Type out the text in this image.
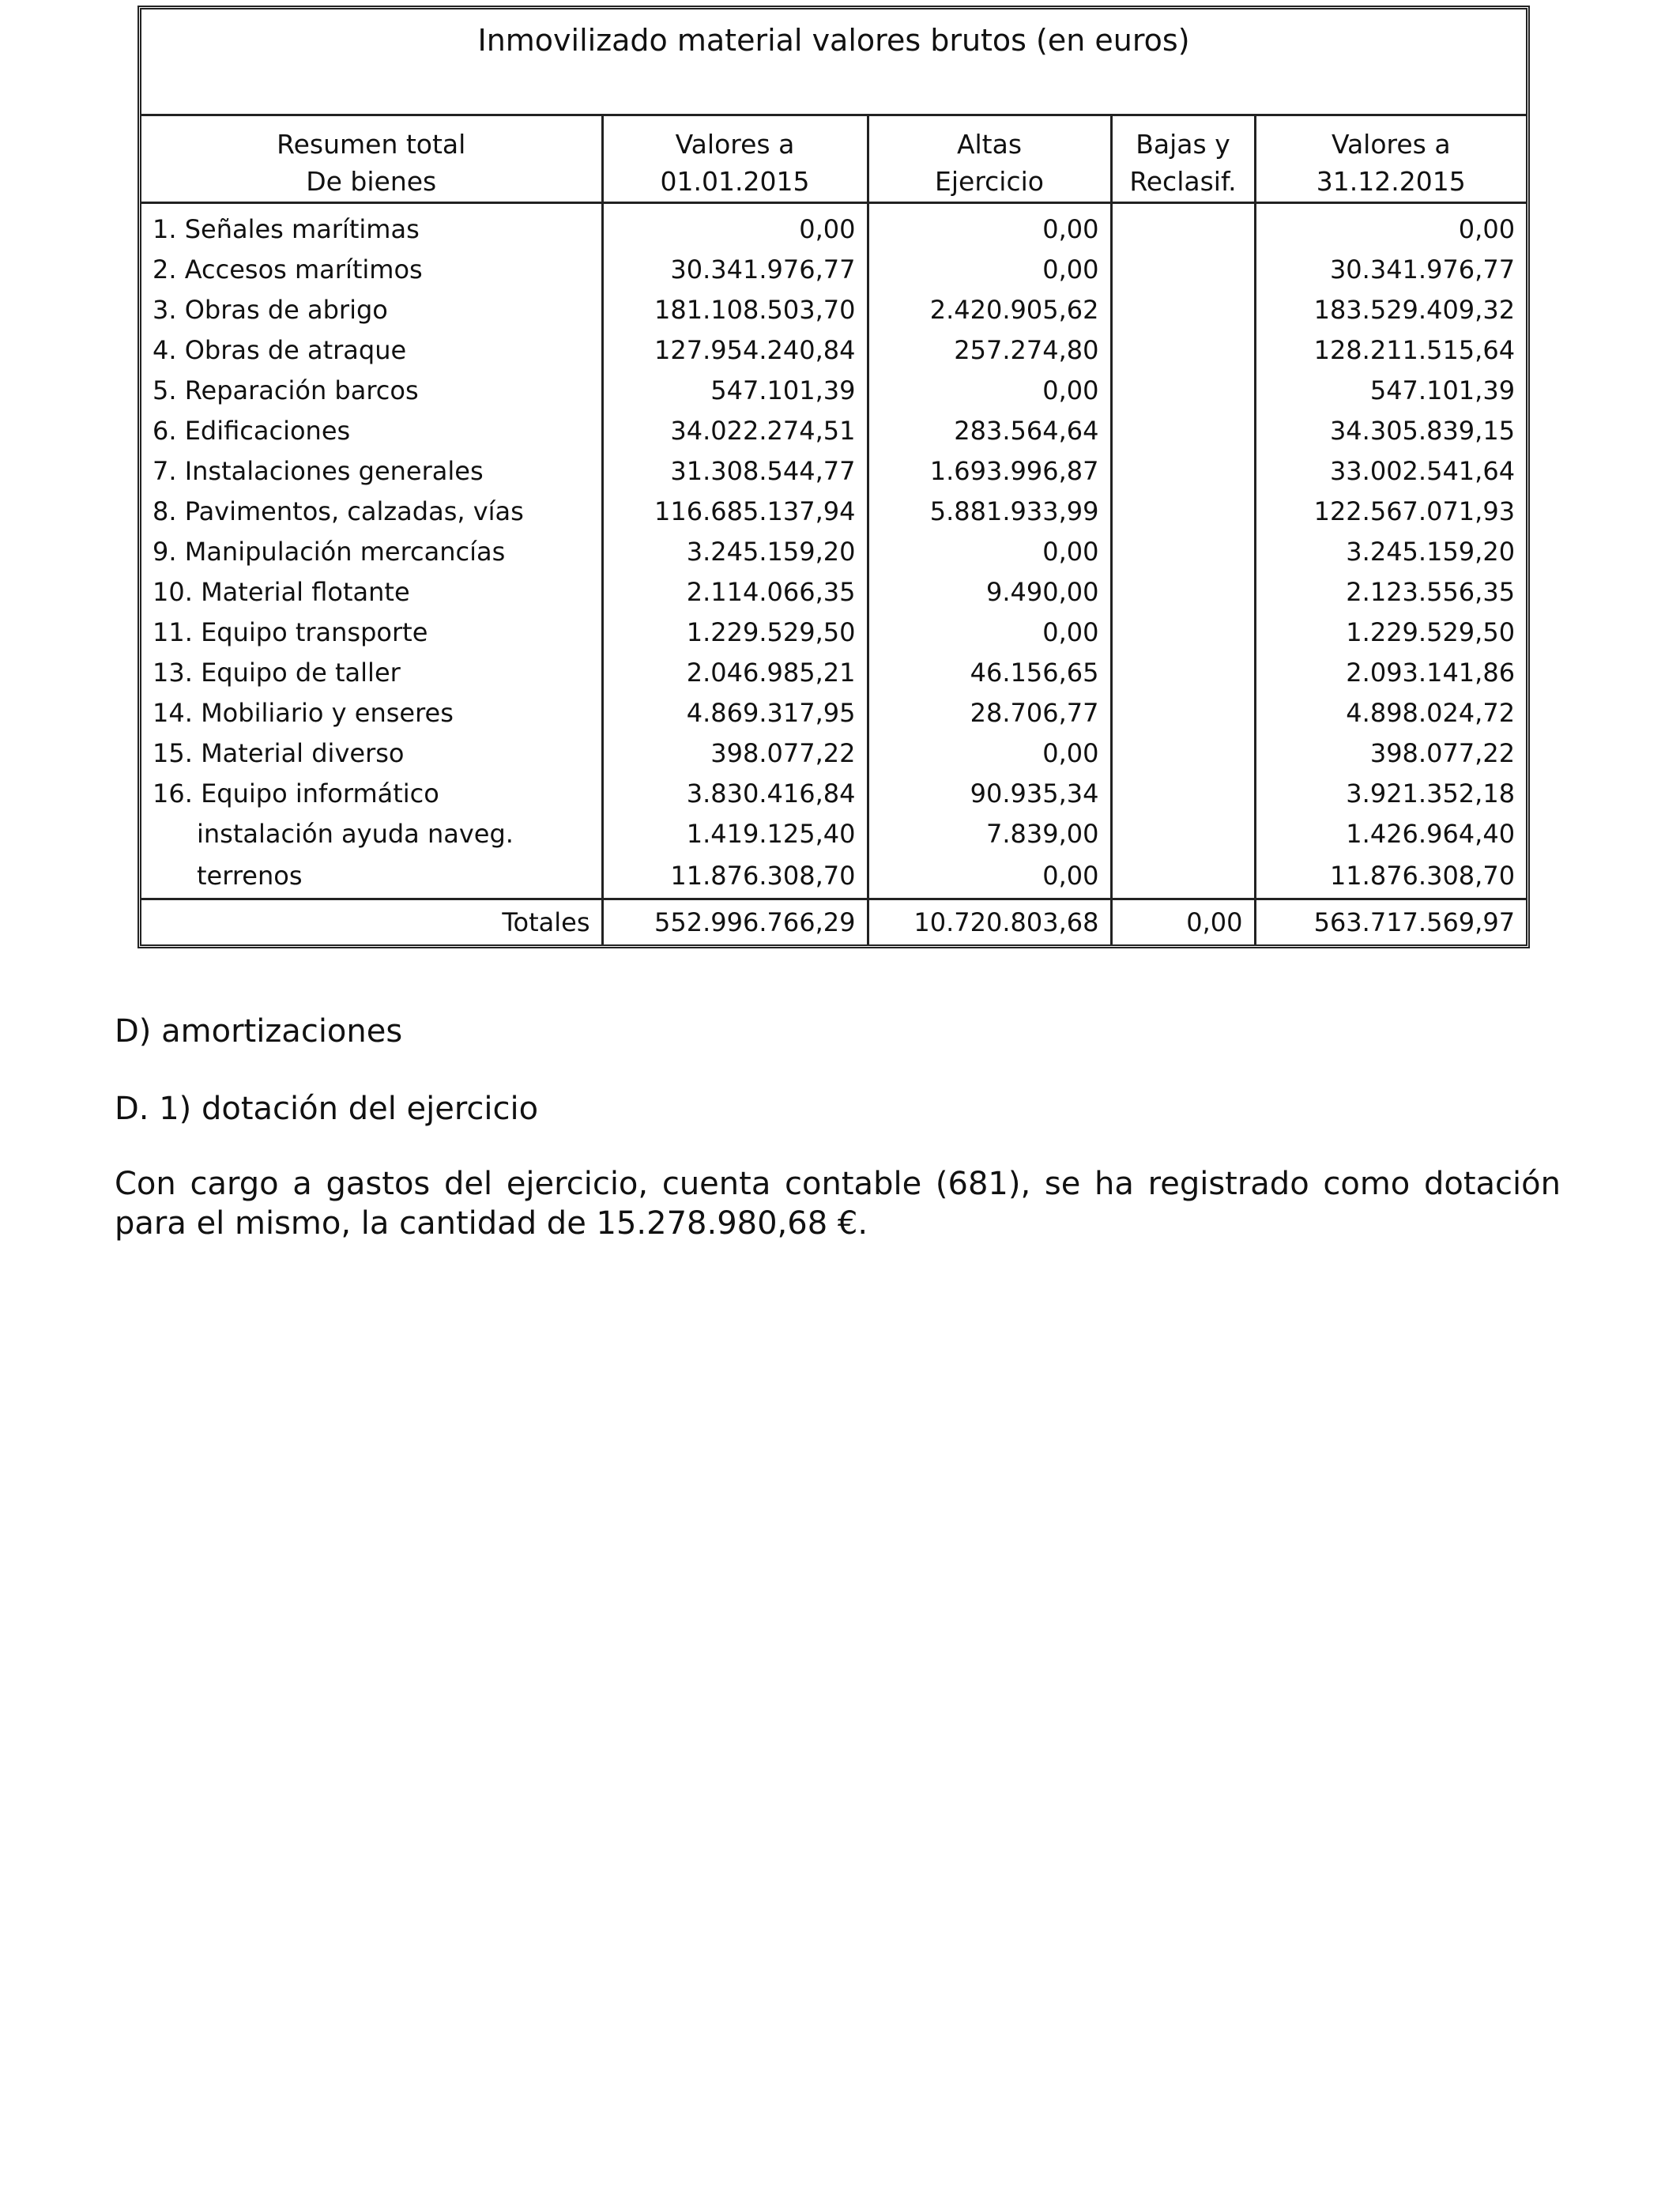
Inmovilizado material valores brutos (en euros)				
Resumen total	Valores a	Altas	Bajas y	Valores a
De bienes	01.01.2015	Ejercicio	Reclasif.	31.12.2015
1. Señales marítimas	0,00	0,00		0,00
2. Accesos marítimos	30.341.976,77	0,00		30.341.976,77
3. Obras de abrigo	181.108.503,70	2.420.905,62		183.529.409,32
4. Obras de atraque	127.954.240,84	257.274,80		128.211.515,64
5. Reparación barcos	547.101,39	0,00		547.101,39
6. Edificaciones	34.022.274,51	283.564,64		34.305.839,15
7. Instalaciones generales	31.308.544,77	1.693.996,87		33.002.541,64
8. Pavimentos, calzadas, vías	116.685.137,94	5.881.933,99		122.567.071,93
9. Manipulación mercancías	3.245.159,20	0,00		3.245.159,20
10. Material flotante	2.114.066,35	9.490,00		2.123.556,35
11. Equipo transporte	1.229.529,50	0,00		1.229.529,50
13. Equipo de taller	2.046.985,21	46.156,65		2.093.141,86
14. Mobiliario y enseres	4.869.317,95	28.706,77		4.898.024,72
15. Material diverso	398.077,22	0,00		398.077,22
16. Equipo informático	3.830.416,84	90.935,34		3.921.352,18
instalación ayuda naveg.	1.419.125,40	7.839,00		1.426.964,40
terrenos	11.876.308,70	0,00		11.876.308,70
Totales	552.996.766,29	10.720.803,68	0,00	563.717.569,97

D) amortizaciones

D. 1) dotación del ejercicio

Con cargo a gastos del ejercicio, cuenta contable (681), se ha registrado como dotación para el mismo, la cantidad de 15.278.980,68 €.
